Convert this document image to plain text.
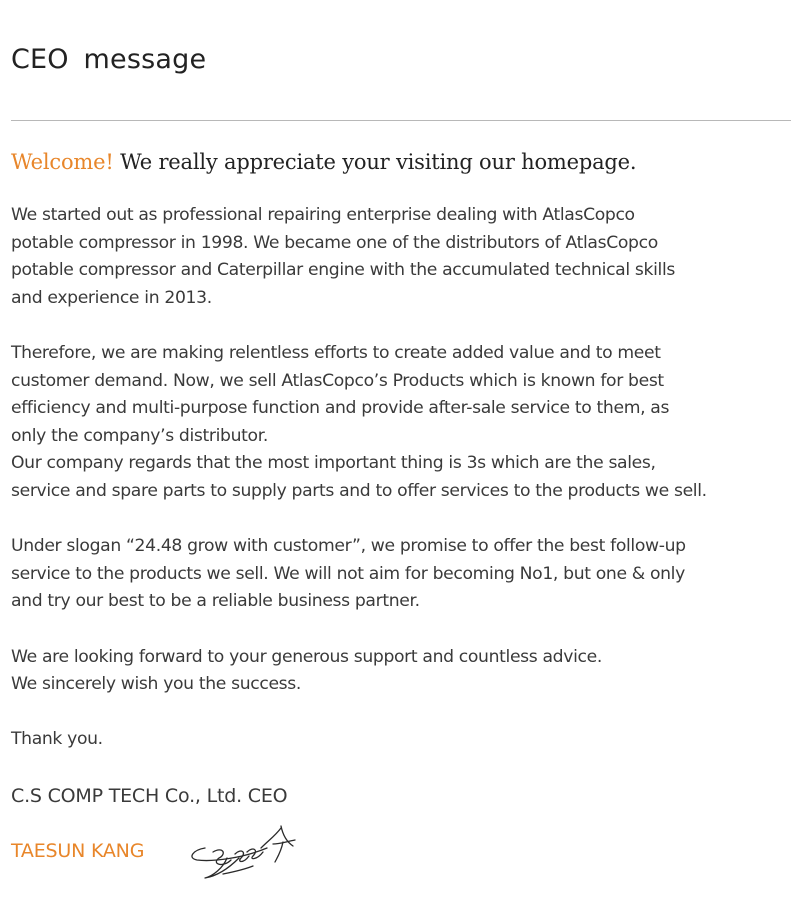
CEO message
Welcome! We really appreciate your visiting our homepage.
We started out as professional repairing enterprise dealing with AtlasCopco
potable compressor in 1998. We became one of the distributors of AtlasCopco
potable compressor and Caterpillar engine with the accumulated technical skills
and experience in 2013.
Therefore, we are making relentless efforts to create added value and to meet
customer demand. Now, we sell AtlasCopco’s Products which is known for best
efficiency and multi-purpose function and provide after-sale service to them, as
only the company’s distributor.
Our company regards that the most important thing is 3s which are the sales,
service and spare parts to supply parts and to offer services to the products we sell.
Under slogan “24.48 grow with customer”, we promise to offer the best follow-up
service to the products we sell. We will not aim for becoming No1, but one & only
and try our best to be a reliable business partner.
We are looking forward to your generous support and countless advice.
We sincerely wish you the success.
Thank you.
C.S COMP TECH Co., Ltd. CEO
TAESUN KANG
